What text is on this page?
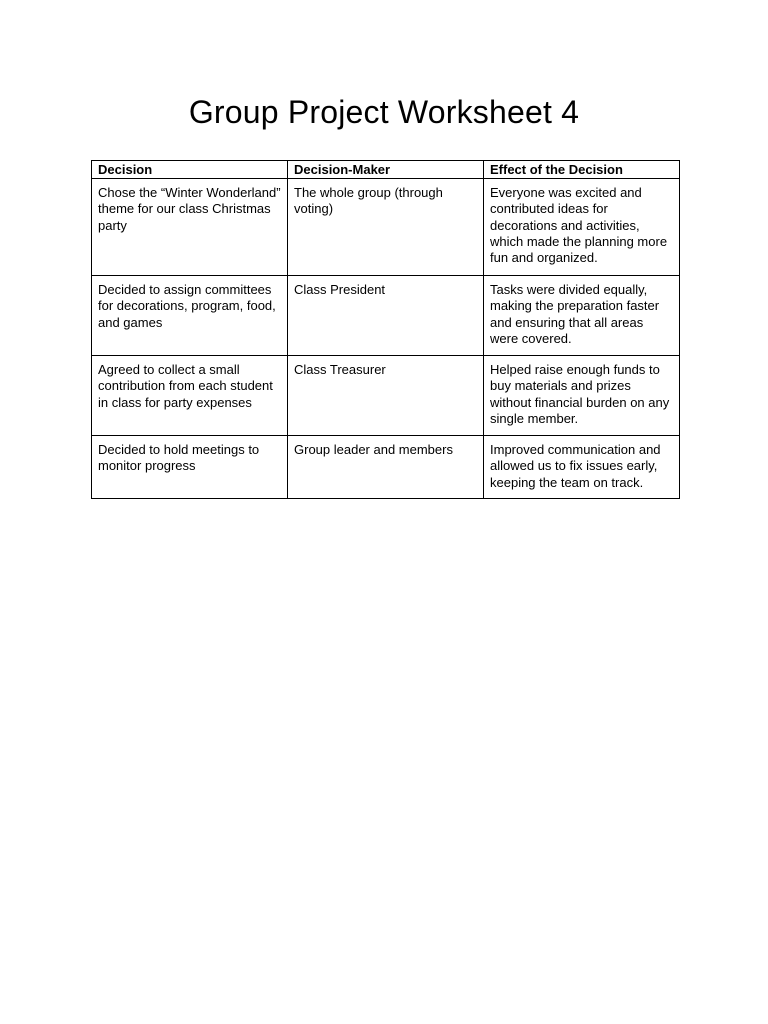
Group Project Worksheet 4
Decision	Decision-Maker	Effect of the Decision
Chose the “Winter Wonderland” theme for our class Christmas party	The whole group (through voting)	Everyone was excited and contributed ideas for decorations and activities, which made the planning more fun and organized.
Decided to assign committees for decorations, program, food, and games	Class President	Tasks were divided equally, making the preparation faster and ensuring that all areas were covered.
Agreed to collect a small contribution from each student in class for party expenses	Class Treasurer	Helped raise enough funds to buy materials and prizes without financial burden on any single member.
Decided to hold meetings to monitor progress	Group leader and members	Improved communication and allowed us to fix issues early, keeping the team on track.
